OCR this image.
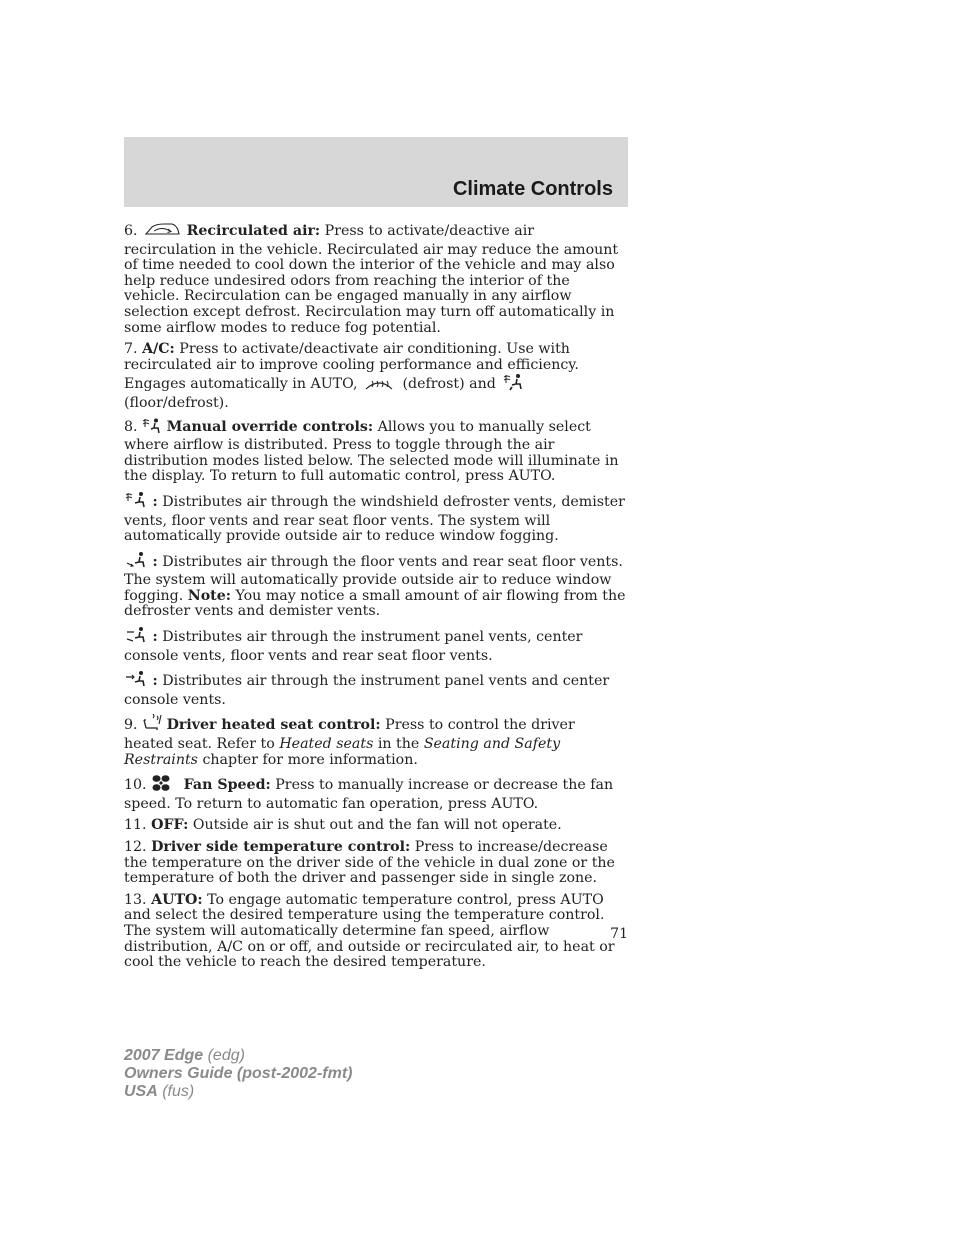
Climate Controls

6.	Recirculated air: Press to activate/deactive air recirculation in the vehicle. Recirculated air may reduce the amount of time needed to cool down the interior of the vehicle and may also help reduce undesired odors from reaching the interior of the vehicle. Recirculation can be engaged manually in any airflow selection except defrost. Recirculation may turn off automatically in some airflow modes to reduce fog potential.

7. A/C: Press to activate/deactivate air conditioning. Use with recirculated air to improve cooling performance and efficiency. Engages automatically in AUTO,	(defrost) and  (floor/defrost).

8. Manual override controls: Allows you to manually select where airflow is distributed. Press to toggle through the air distribution modes listed below. The selected mode will illuminate in the display. To return to full automatic control, press AUTO.

: Distributes air through the windshield defroster vents, demister vents, floor vents and rear seat floor vents. The system will automatically provide outside air to reduce window fogging.

: Distributes air through the floor vents and rear seat floor vents. The system will automatically provide outside air to reduce window fogging. Note: You may notice a small amount of air flowing from the defroster vents and demister vents.

: Distributes air through the instrument panel vents, center console vents, floor vents and rear seat floor vents.

: Distributes air through the instrument panel vents and center console vents.

9. Driver heated seat control: Press to control the driver heated seat. Refer to Heated seats in the Seating and Safety Restraints chapter for more information.

10.	Fan Speed: Press to manually increase or decrease the fan speed. To return to automatic fan operation, press AUTO.

11. OFF: Outside air is shut out and the fan will not operate.

12. Driver side temperature control: Press to increase/decrease the temperature on the driver side of the vehicle in dual zone or the temperature of both the driver and passenger side in single zone.

13. AUTO: To engage automatic temperature control, press AUTO and select the desired temperature using the temperature control. The system will automatically determine fan speed, airflow distribution, A/C on or off, and outside or recirculated air, to heat or cool the vehicle to reach the desired temperature.

71
2007 Edge (edg)
Owners Guide (post-2002-fmt)
USA (fus)
